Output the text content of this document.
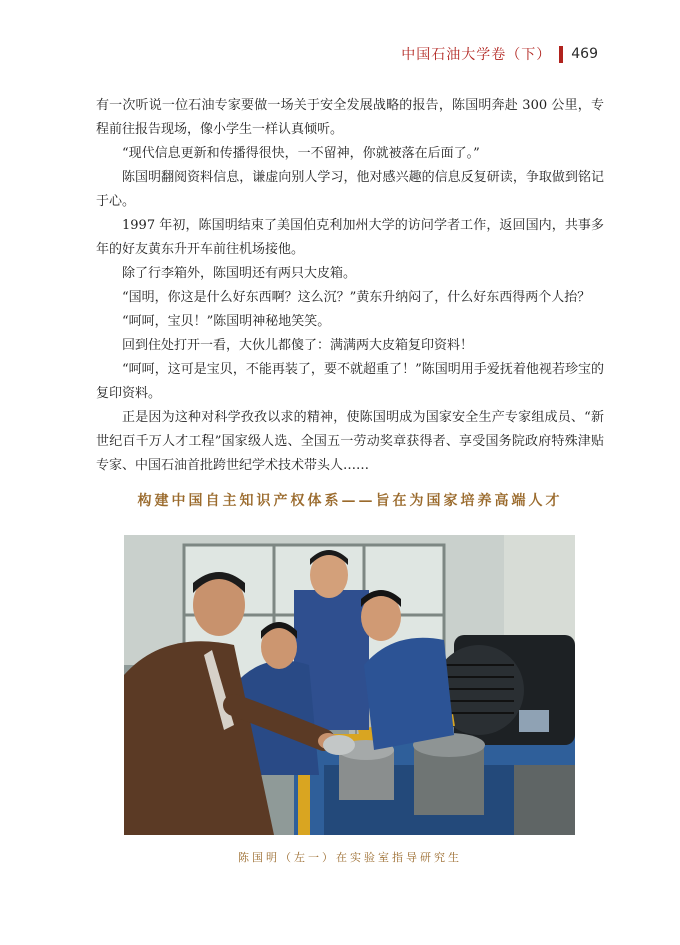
中国石油大学卷（下） 469

有一次听说一位石油专家要做一场关于安全发展战略的报告，陈国明奔赴 300 公里，专程前往报告现场，像小学生一样认真倾听。

“现代信息更新和传播得很快，一不留神，你就被落在后面了。”

陈国明翻阅资料信息，谦虚向别人学习，他对感兴趣的信息反复研读，争取做到铭记于心。

1997 年初，陈国明结束了美国伯克利加州大学的访问学者工作，返回国内，共事多年的好友黄东升开车前往机场接他。

除了行李箱外，陈国明还有两只大皮箱。

“国明，你这是什么好东西啊？这么沉？”黄东升纳闷了，什么好东西得两个人抬？

“呵呵，宝贝！”陈国明神秘地笑笑。

回到住处打开一看，大伙儿都傻了：满满两大皮箱复印资料！

“呵呵，这可是宝贝，不能再装了，要不就超重了！”陈国明用手爱抚着他视若珍宝的复印资料。

正是因为这种对科学孜孜以求的精神，使陈国明成为国家安全生产专家组成员、“新世纪百千万人才工程”国家级人选、全国五一劳动奖章获得者、享受国务院政府特殊津贴专家、中国石油首批跨世纪学术技术带头人……

构建中国自主知识产权体系——旨在为国家培养高端人才
陈国明（左一）在实验室指导研究生
